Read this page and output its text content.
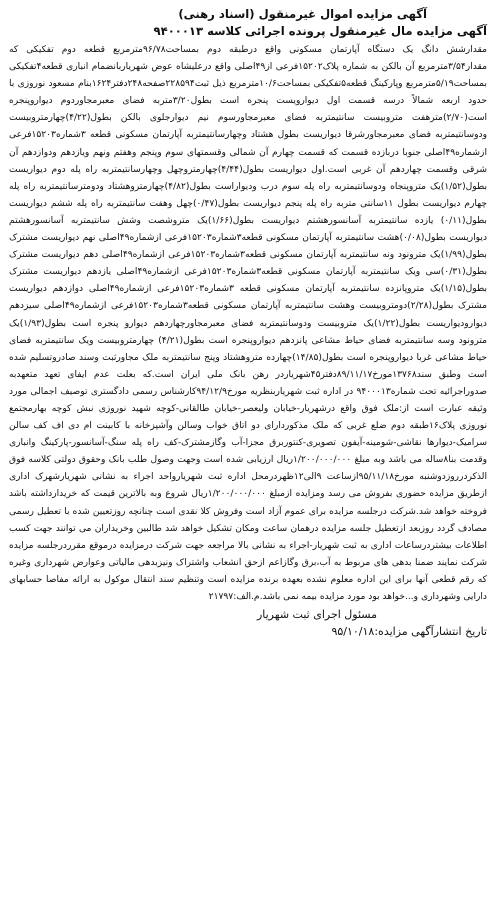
آگهی مزایده اموال غیرمنقول (اسناد رهنی)

آگهی مزایده مال غیرمنقول پرونده اجرائی کلاسه ۹۴۰۰۰۱۳

مقدارشش دانگ یک دستگاه آپارتمان مسکونی واقع درطبقه دوم بمساحت۹۶/۷۸مترمربع قطعه دوم تفکیکی که مقدار۳/۵۴مترمربع آن بالکن به شماره پلاک۱۵۲۰۲فرعی از۴۹اصلی واقع درعلیشاه عوض شهریاربانضمام انباری قطعه۴تفکیکی بمساحت۵/۱۹مترمربع وپارکینگ قطعه۵تفکیکی بمساحت۱۰/۶مترمربع ذیل ثبت۲۲۸۵۹۴صفحه۲۴۸دفتر۱۶۲۴بنام مسعود نوروزی با حدود اربعه شمالاً درسه قسمت اول دیوارویست پنجره است بطول۳/۲۰متربه فضای معبرمجاوردوم دیواروپنجره است(۲/۷۰)مترهفت متروبیست سانتیمتربه فضای معبرمجاورسوم نیم دیوارجلوی بالکن بطول(۴/۲۲)چهارمتروبیست ودوسانتیمتربه فضای معبرمجاورشرقا دیواریست بطول هشتاد وچهارسانتیمتربه آپارتمان مسکونی قطعه ۳شماره۱۵۲۰۳فرعی ازشماره۴۹اصلی جنوبا دربازده قسمت که قسمت چهارم آن شمالی وقسمتهای سوم وپنجم وهفتم ونهم ویازدهم ودوازدهم آن شرقی وقسمت چهاردهم آن غربی است.اول دیواریست بطول(۴/۴۴)چهارمتروچهل وچهارسانتیمتربه راه پله دوم دیواریست بطول(۱/۵۲)یک متروپنجاه ودوسانتیمتربه راه پله سوم درب ودیواراست بطول(۴/۸۲)چهارمتروهشتاد ودومترسانتیمتربه راه پله چهارم دیواریست بطول ۱۱سانتی متربه راه پله پنجم دیواریست بطول(۰/۴۷)چهل وهفت سانتیمتربه راه پله ششم دیواریست بطول(۰/۱۱) یازده سانتیمتربه آسانسورهشتم دیواریست بطول(۱/۶۶)یک متروشصت وشش سانتیمتربه آسانسورهشتم دیواریست بطول(۰/۰۸)هشت سانتیمتربه آپارتمان مسکونی قطعه۳شماره۱۵۲۰۳فرعی ازشماره۴۹اصلی نهم دیواریست مشترک بطول(۱/۹۹)یک مترونود ونه سانتیمتربه آپارتمان مسکونی قطعه۳شماره۱۵۲۰۳فرعی ازشماره۴۹اصلی دهم دیواریست مشترک بطول(۰/۳۱)سی ویک سانتیمتربه آپارتمان مسکونی قطعه۳شماره۱۵۲۰۳فرعی ازشماره۴۹اصلی یازدهم دیواریست مشترک بطول(۱/۱۵)یک متروپانزده سانتیمتربه آپارتمان مسکونی قطعه ۳شماره۱۵۲۰۳فرعی ازشماره۴۹اصلی دوازدهم دیواریست مشترک بطول(۲/۲۸)دومتروبیست وهشت سانتیمتربه آپارتمان مسکونی قطعه۳شماره۱۵۲۰۳فرعی ازشماره۴۹اصلی سیزدهم دیوارودیواریست بطول(۱/۲۲)یک متروبیست ودوسانتیمتربه فضای معبرمجاورچهاردهم دیوارو پنجره است بطول(۱/۹۳)یک مترونود وسه سانتیمتربه فضای حیاط مشاعی پانزدهم دیواروپنجره است بطول(۴/۲۱) چهارمتروبیست ویک سانتیمتربه فضای حیاط مشاعی غربا دیواروپنجره است بطول(۱۴/۸۵)چهارده متروهشتاد وپنج سانتیمتربه ملک مجاورثبت وسند صادروتسلیم شده است وطبق سند۱۳۷۶۸مورخ۸۹/۱۱/۱۷دفتر۴۵شهریاردر رهن بانک ملی ایران است.که بعلت عدم ایفای تعهد متعهدبه صدوراجرائیه تحت شماره۹۴۰۰۰۱۳ در اداره ثبت شهریاربنظریه مورخ۹۴/۱۲/۹کارشناس رسمی دادگستری توصیف اجمالی مورد وثیقه عبارت است از:ملک فوق واقع درشهریار-خیابان ولیعصر-خیابان طالقانی-کوچه شهید نوروزی نبش کوچه بهارمجتمع نوروزی پلاک۱۶طبقه دوم ضلع غربی که ملک مذکوردارای دو اتاق خواب وسالن وآشپزخانه با کابینت ام دی اف کف سالن سرامیک-دیوارها نقاشی-شومینه-آیفون تصویری-کنتوربرق مجزا-آب وگازمشترک-کف راه پله سنگ-آسانسور-پارکینگ وانباری وقدمت بنا۸ساله می باشد وبه مبلغ ۱/۲۰۰/۰۰۰/۰۰۰ریال ارزیابی شده است وجهت وصول طلب بانک وحقوق دولتی کلاسه فوق الذکردرروزدوشنبه مورخ۹۵/۱۱/۱۸ازساعت ۹الی۱۲ظهردرمحل اداره ثبت شهریارواحد اجراء به نشانی شهریارشهرک اداری ازطریق مزایده حضوری بفروش می رسد ومزایده ازمبلغ ۱/۲۰۰/۰۰۰/۰۰۰ریال شروع وبه بالاترین قیمت که خریدارداشته باشد فروخته خواهد شد.شرکت درجلسه مزایده برای عموم آزاد است وفروش کلا نقدی است چنانچه روزتعیین شده با تعطیل رسمی مصادف گردد روزبعد ازتعطیل جلسه مزایده درهمان ساعت ومکان تشکیل خواهد شد طالبین وخریداران می توانند جهت کسب اطلاعات بیشتردرساعات اداری به ثبت شهریار-اجراء به نشانی بالا مراجعه جهت شرکت درمزایده درموقع مقرردرجلسه مزایده شرکت نمایند ضمنا بدهی های مربوط به آب،برق وگازاعم ازحق انشعاب واشتراک ونیزبدهی مالیاتی وعوارض شهرداری وغیره که رقم قطعی آنها برای این اداره معلوم نشده بعهده برنده مزایده است وتنظیم سند انتقال موکول به ارائه مفاصا حسابهای دارایی وشهرداری و...خواهد بود مورد مزایده بیمه نمی باشد.م.الف:۲۱۷۹۷

مسئول اجرای ثبت شهریار

تاریخ انتشارآگهی مزایده:۹۵/۱۰/۱۸
